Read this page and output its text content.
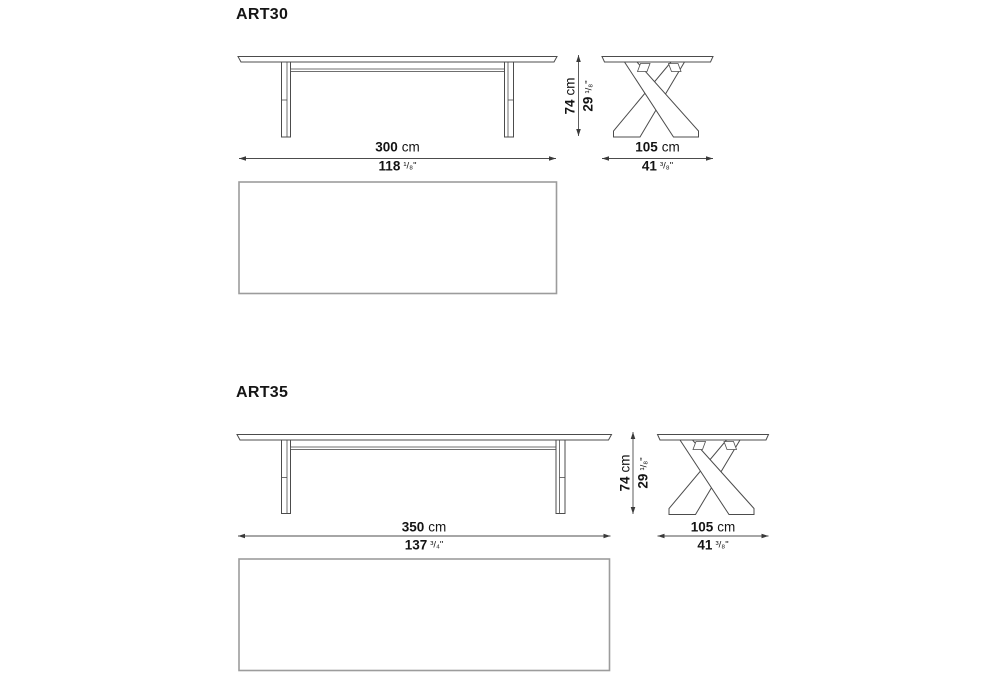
ART30
300 cm
118 ¹/₈"
105 cm
41 ³/₈"
74cm
29¹/₈"
ART35
350 cm
137 ³/₄"
105 cm
41 ³/₈"
74cm
29¹/₈"
